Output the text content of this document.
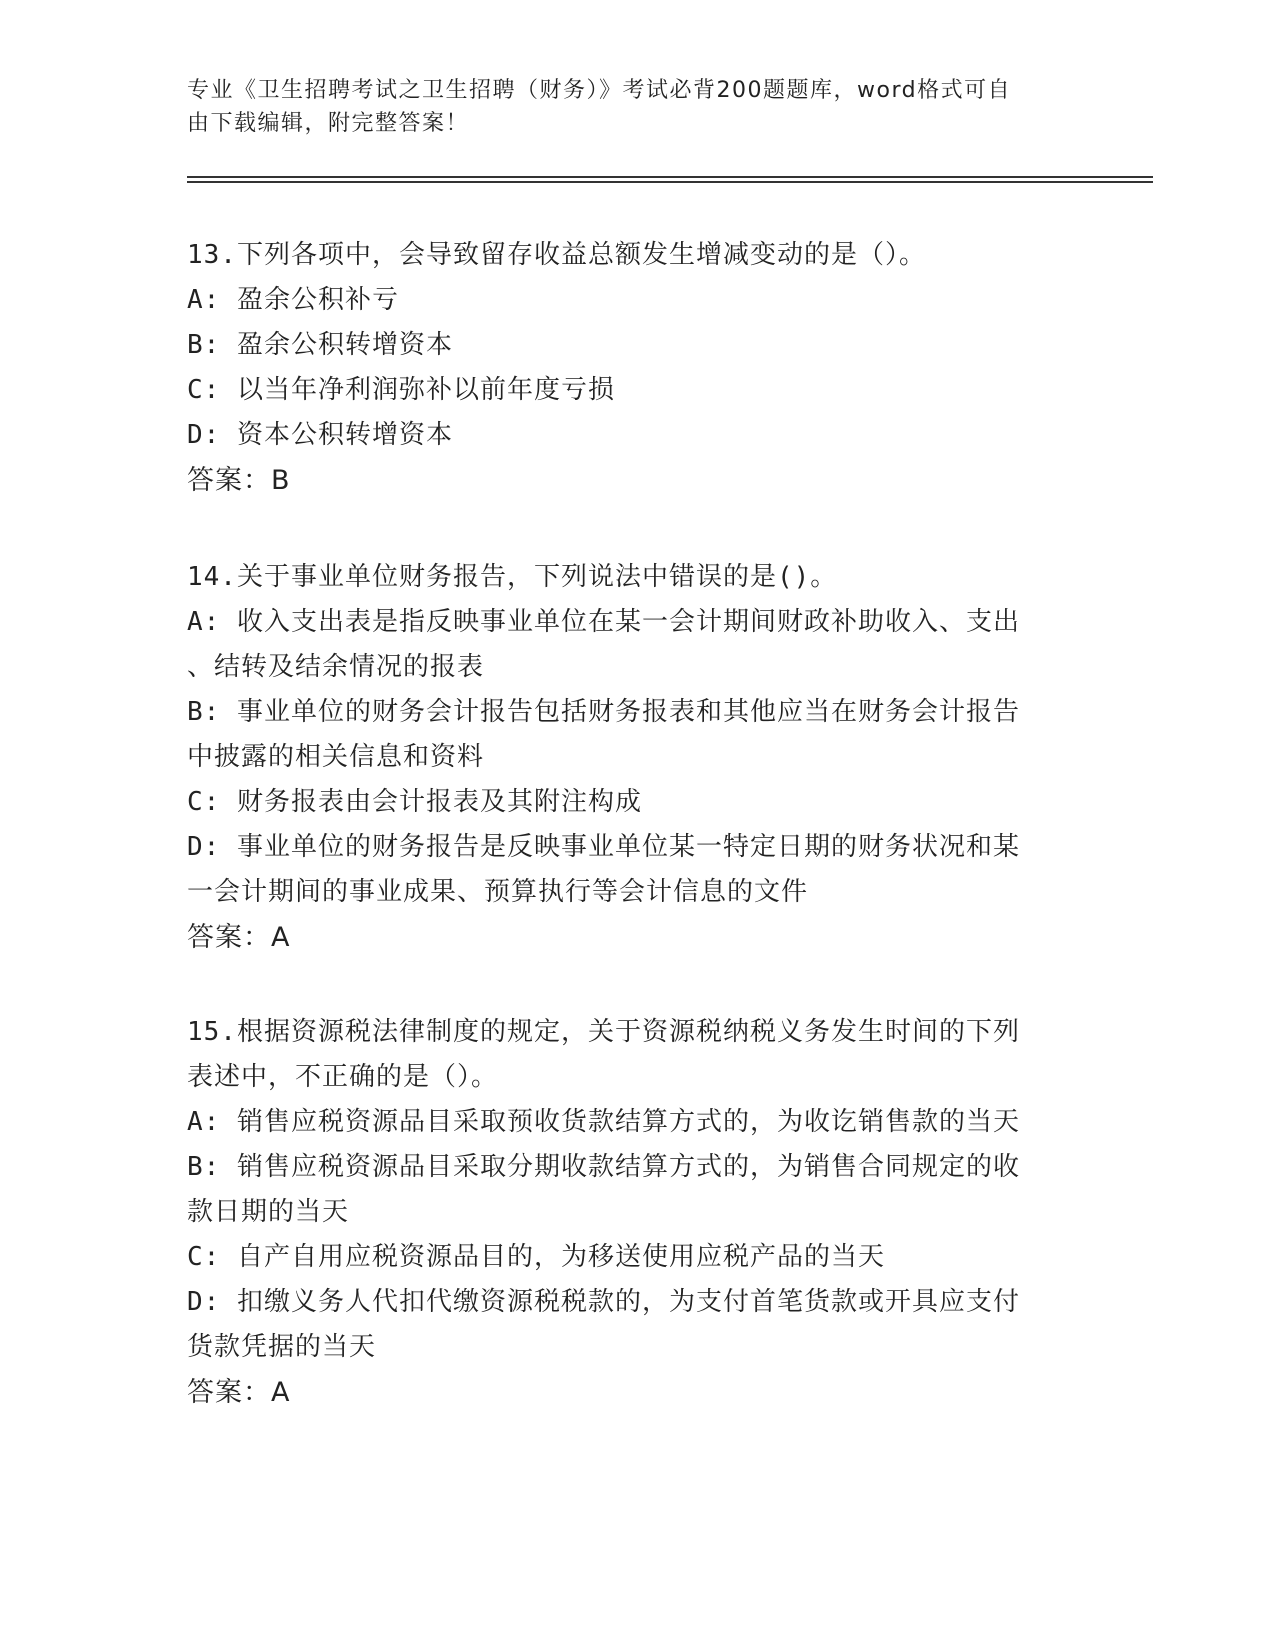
专业《卫生招聘考试之卫生招聘（财务）》考试必背200题题库，word格式可自
由下载编辑，附完整答案！
13.下列各项中，会导致留存收益总额发生增减变动的是（）。
A: 盈余公积补亏
B: 盈余公积转增资本
C: 以当年净利润弥补以前年度亏损
D: 资本公积转增资本
答案：B
14.关于事业单位财务报告，下列说法中错误的是()。
A: 收入支出表是指反映事业单位在某一会计期间财政补助收入、支出
、结转及结余情况的报表
B: 事业单位的财务会计报告包括财务报表和其他应当在财务会计报告
中披露的相关信息和资料
C: 财务报表由会计报表及其附注构成
D: 事业单位的财务报告是反映事业单位某一特定日期的财务状况和某
一会计期间的事业成果、预算执行等会计信息的文件
答案：A
15.根据资源税法律制度的规定，关于资源税纳税义务发生时间的下列
表述中，不正确的是（）。
A: 销售应税资源品目采取预收货款结算方式的，为收讫销售款的当天
B: 销售应税资源品目采取分期收款结算方式的，为销售合同规定的收
款日期的当天
C: 自产自用应税资源品目的，为移送使用应税产品的当天
D: 扣缴义务人代扣代缴资源税税款的，为支付首笔货款或开具应支付
货款凭据的当天
答案：A
